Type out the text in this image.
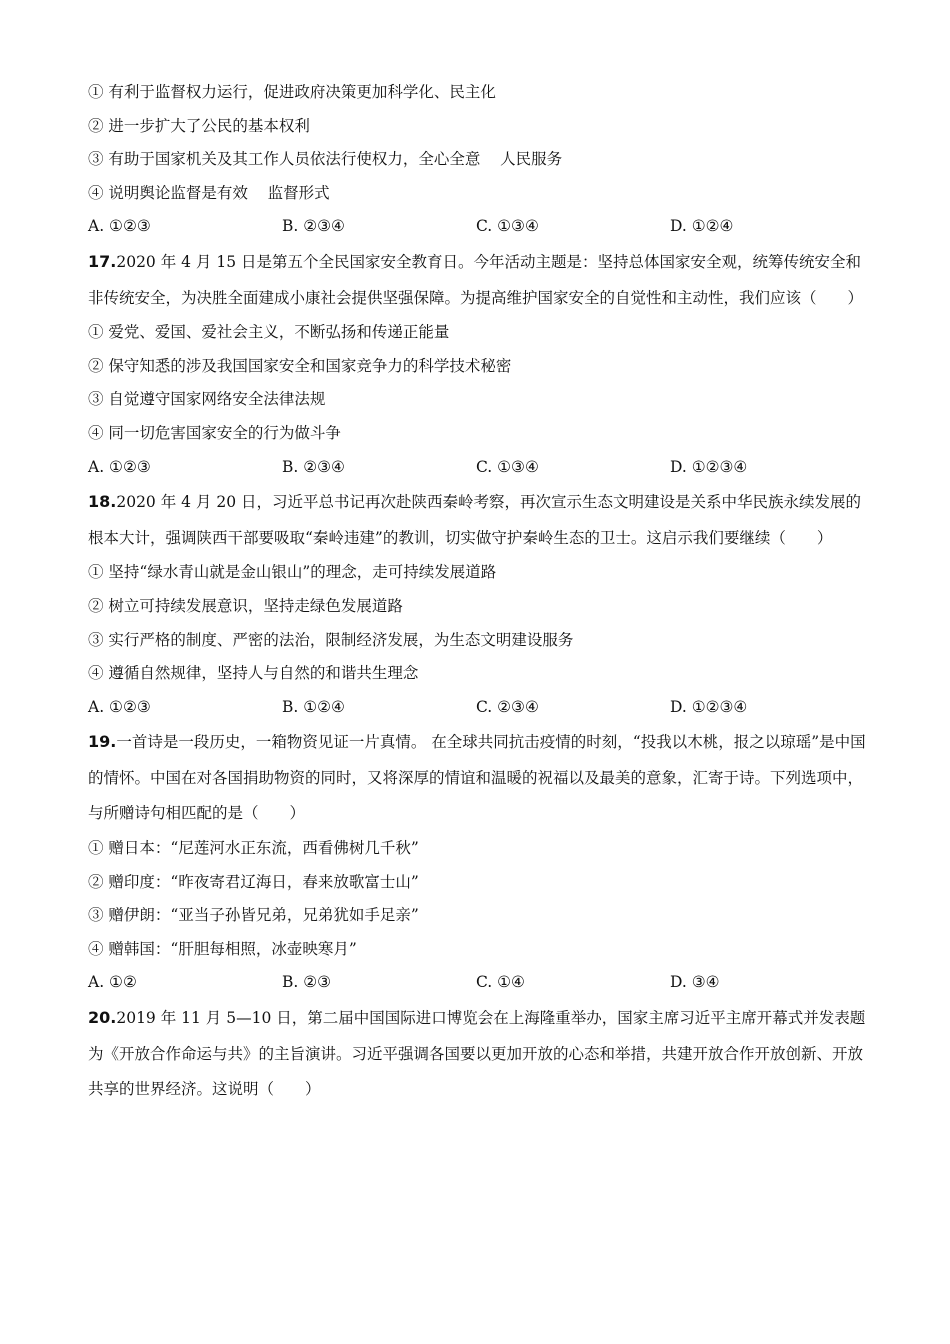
① 有利于监督权力运行，促进政府决策更加科学化、民主化
② 进一步扩大了公民的基本权利
③ 有助于国家机关及其工作人员依法行使权力，全心全意    人民服务
④ 说明舆论监督是有效    监督形式
A. ①②③	B. ②③④	C. ①③④	D. ①②④
17.2020 年 4 月 15 日是第五个全民国家安全教育日。今年活动主题是：坚持总体国家安全观，统筹传统安全和非传统安全，为决胜全面建成小康社会提供坚强保障。为提高维护国家安全的自觉性和主动性，我们应该（　　）
① 爱党、爱国、爱社会主义，不断弘扬和传递正能量
② 保守知悉的涉及我国国家安全和国家竞争力的科学技术秘密
③ 自觉遵守国家网络安全法律法规
④ 同一切危害国家安全的行为做斗争
A. ①②③	B. ②③④	C. ①③④	D. ①②③④
18.2020 年 4 月 20 日，习近平总书记再次赴陕西秦岭考察，再次宣示生态文明建设是关系中华民族永续发展的根本大计，强调陕西干部要吸取“秦岭违建”的教训，切实做守护秦岭生态的卫士。这启示我们要继续（　　）
① 坚持“绿水青山就是金山银山”的理念，走可持续发展道路
② 树立可持续发展意识，坚持走绿色发展道路
③ 实行严格的制度、严密的法治，限制经济发展，为生态文明建设服务
④ 遵循自然规律，坚持人与自然的和谐共生理念
A. ①②③	B. ①②④	C. ②③④	D. ①②③④
19.一首诗是一段历史，一箱物资见证一片真情。 在全球共同抗击疫情的时刻，“投我以木桃，报之以琼瑶”是中国的情怀。中国在对各国捐助物资的同时，又将深厚的情谊和温暖的祝福以及最美的意象，汇寄于诗。下列选项中，与所赠诗句相匹配的是（　　）
① 赠日本：“尼莲河水正东流，西看佛树几千秋”
② 赠印度：“昨夜寄君辽海日，春来放歌富士山”
③ 赠伊朗：“亚当子孙皆兄弟，兄弟犹如手足亲”
④ 赠韩国：“肝胆每相照，冰壶映寒月”
A. ①②	B. ②③	C. ①④	D. ③④
20.2019 年 11 月 5—10 日，第二届中国国际进口博览会在上海隆重举办，国家主席习近平主席开幕式并发表题为《开放合作命运与共》的主旨演讲。习近平强调各国要以更加开放的心态和举措，共建开放合作开放创新、开放共享的世界经济。这说明（　　）
